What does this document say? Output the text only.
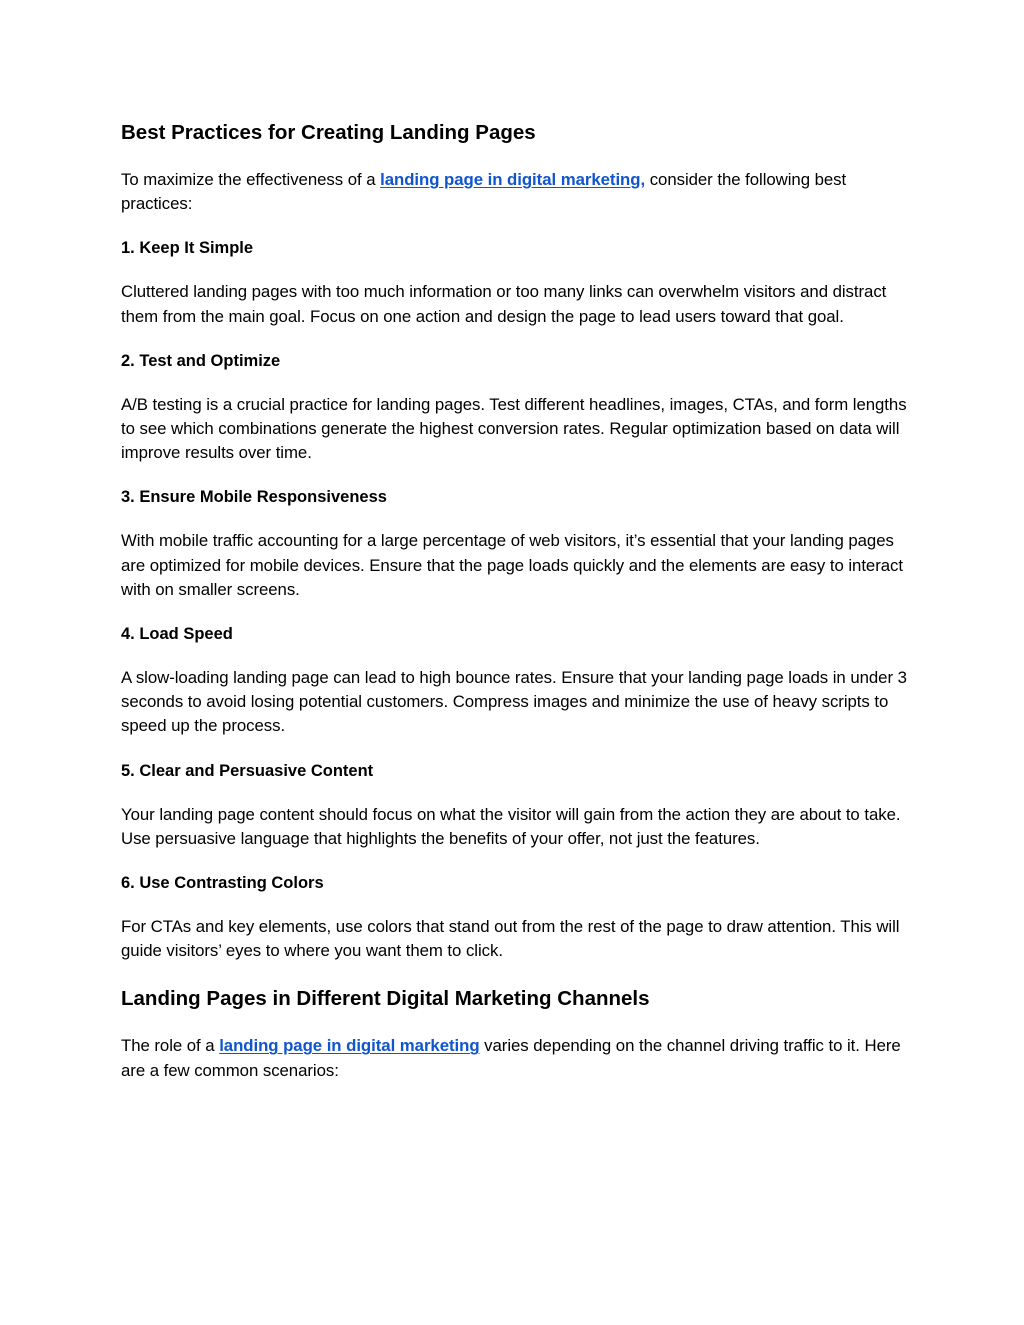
Best Practices for Creating Landing Pages

To maximize the effectiveness of a landing page in digital marketing, consider the following best practices:

1. Keep It Simple

Cluttered landing pages with too much information or too many links can overwhelm visitors and distract them from the main goal. Focus on one action and design the page to lead users toward that goal.

2. Test and Optimize

A/B testing is a crucial practice for landing pages. Test different headlines, images, CTAs, and form lengths to see which combinations generate the highest conversion rates. Regular optimization based on data will improve results over time.

3. Ensure Mobile Responsiveness

With mobile traffic accounting for a large percentage of web visitors, it’s essential that your landing pages are optimized for mobile devices. Ensure that the page loads quickly and the elements are easy to interact with on smaller screens.

4. Load Speed

A slow-loading landing page can lead to high bounce rates. Ensure that your landing page loads in under 3 seconds to avoid losing potential customers. Compress images and minimize the use of heavy scripts to speed up the process.

5. Clear and Persuasive Content

Your landing page content should focus on what the visitor will gain from the action they are about to take. Use persuasive language that highlights the benefits of your offer, not just the features.

6. Use Contrasting Colors

For CTAs and key elements, use colors that stand out from the rest of the page to draw attention. This will guide visitors’ eyes to where you want them to click.

Landing Pages in Different Digital Marketing Channels

The role of a landing page in digital marketing varies depending on the channel driving traffic to it. Here are a few common scenarios:
